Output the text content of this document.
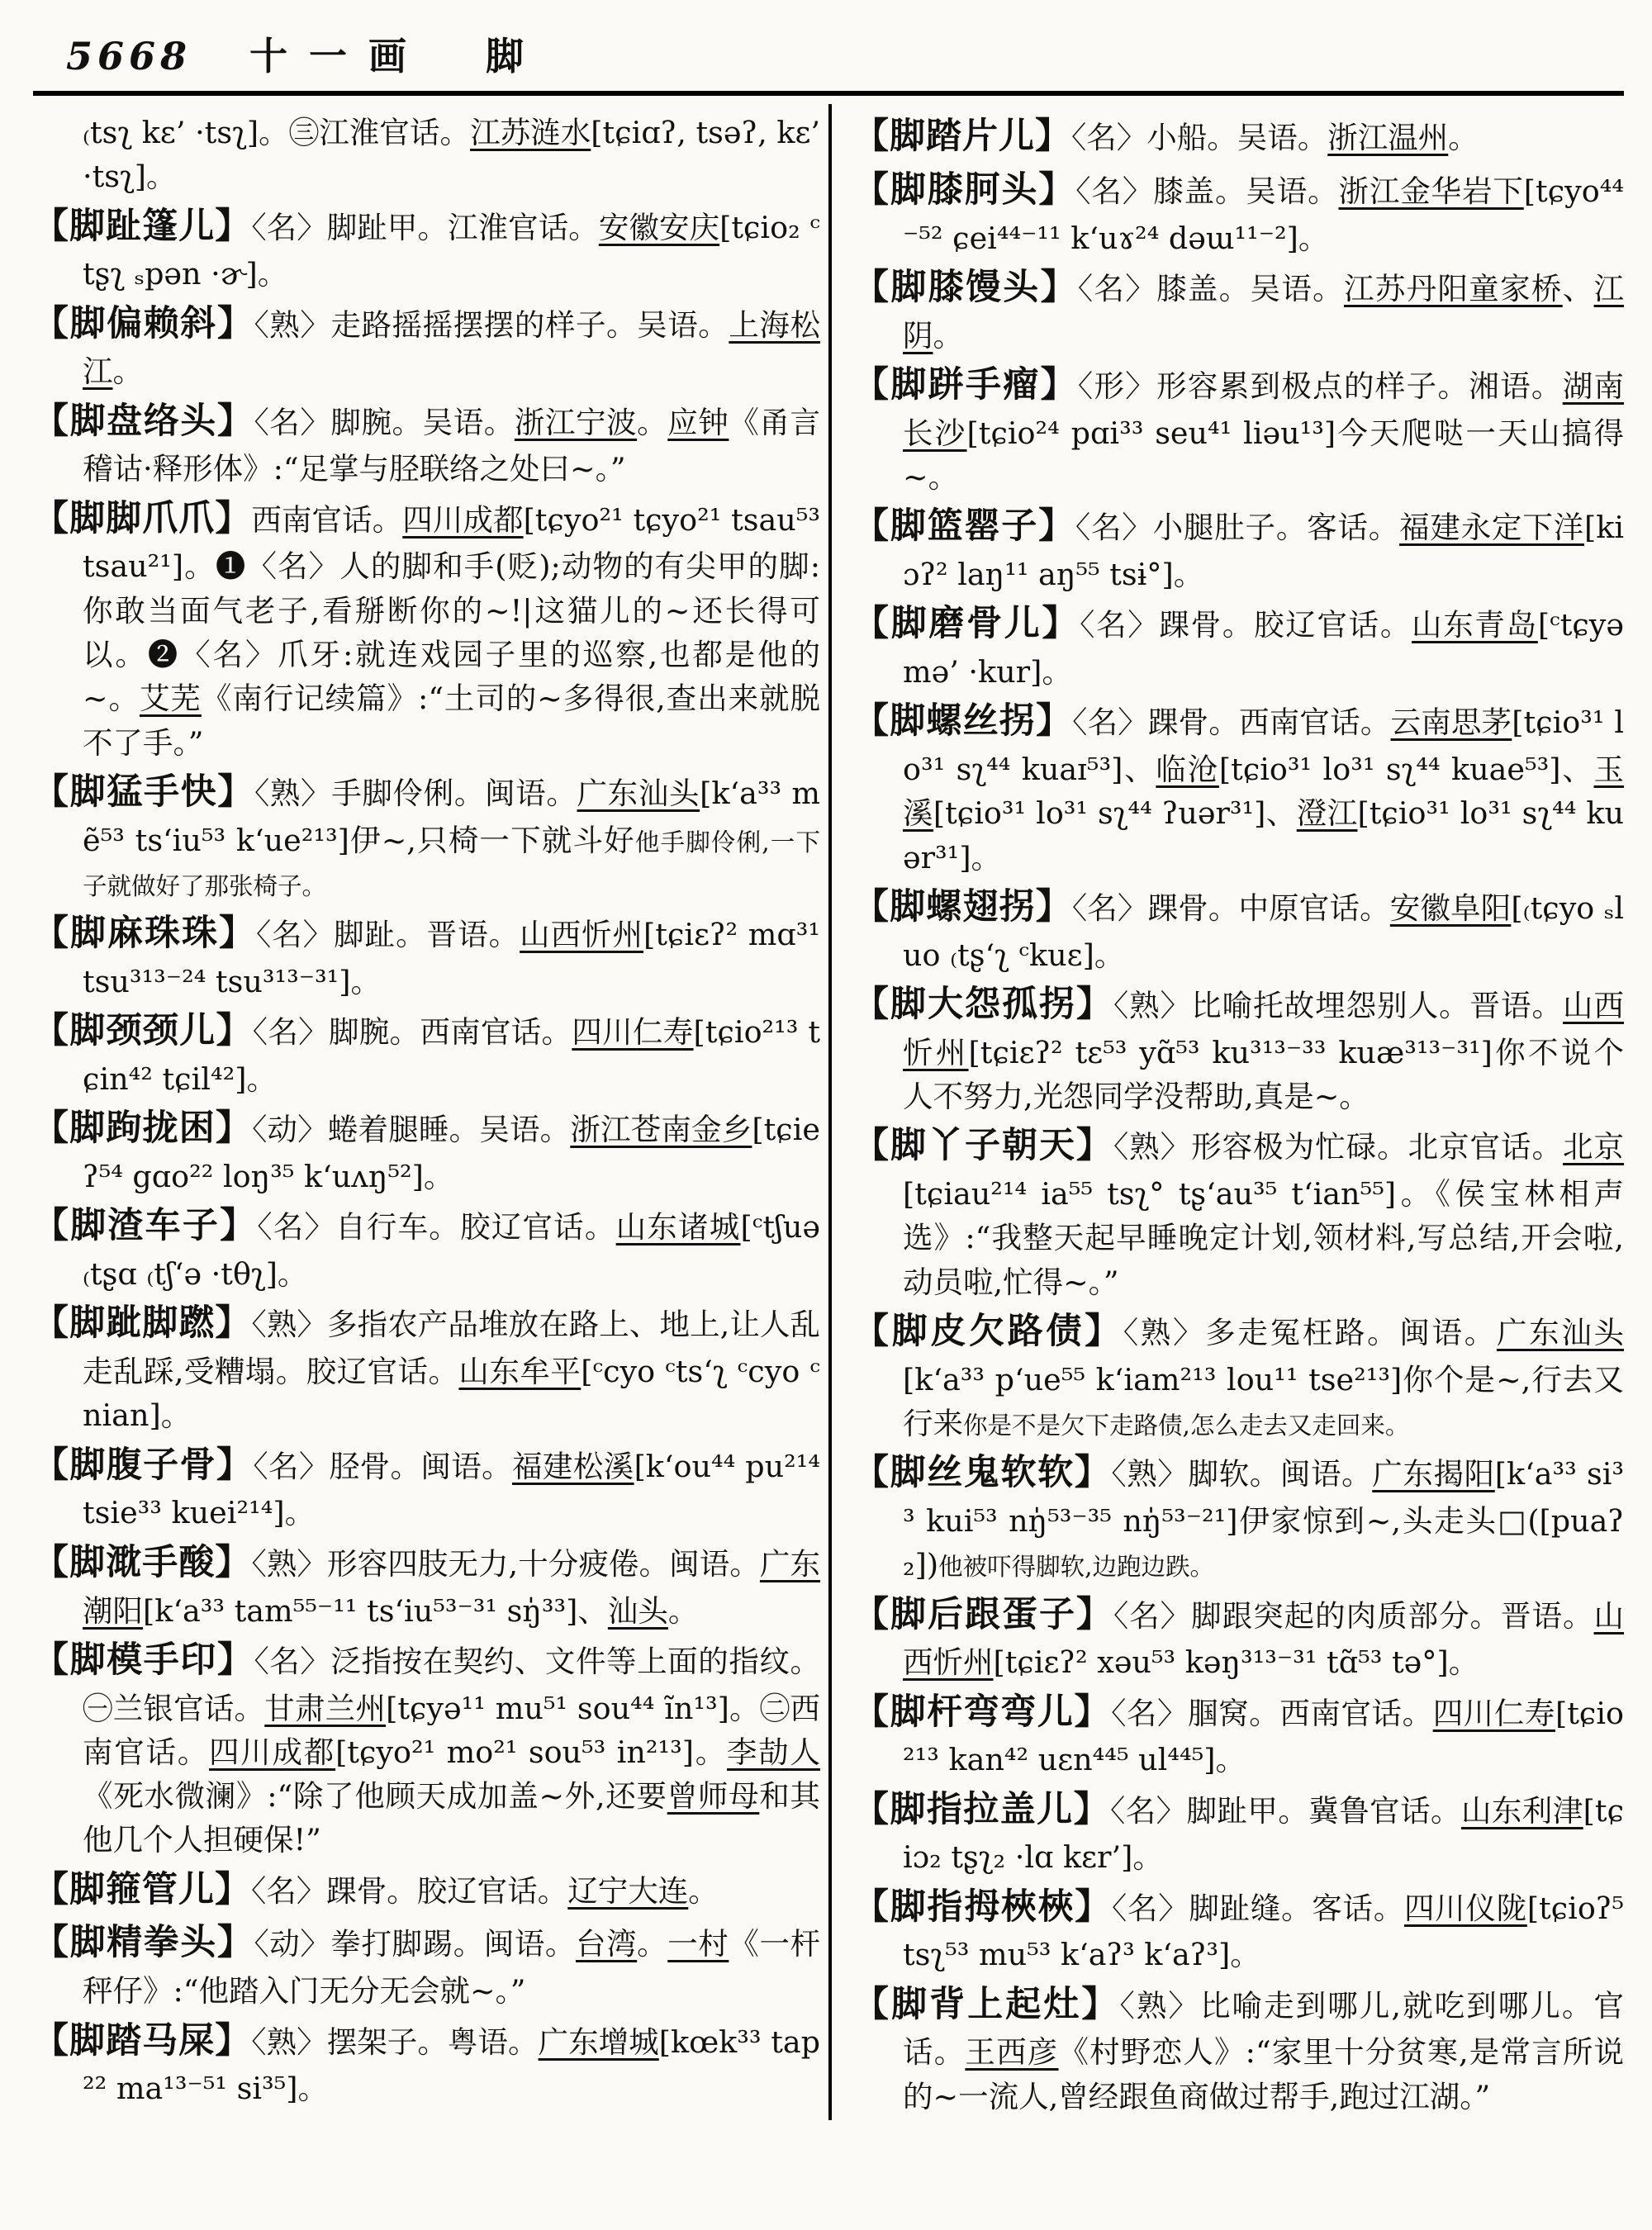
5668 十一画 脚

₍tsʅ kɛ’ ·tsʅ]。㊂江淮官话。江苏涟水[tɕiɑʔ, tsəʔ, kɛ’ ·tsʅ]。

【脚趾篷儿】〈名〉脚趾甲。江淮官话。安徽安庆[tɕio₂ ᶜtʂʅ ₛpən ·ɚ]。

【脚偏赖斜】〈熟〉走路摇摇摆摆的样子。吴语。上海松江。

【脚盘络头】〈名〉脚腕。吴语。浙江宁波。应钟《甬言稽诂·释形体》:“足掌与胫联络之处曰~。”

【脚脚爪爪】西南官话。四川成都[tɕyo²¹ tɕyo²¹ tsau⁵³ tsau²¹]。❶〈名〉人的脚和手(贬);动物的有尖甲的脚:你敢当面气老子,看掰断你的~!|这猫儿的~还长得可以。❷〈名〉爪牙:就连戏园子里的巡察,也都是他的~。艾芜《南行记续篇》:“土司的~多得很,查出来就脱不了手。”

【脚猛手快】〈熟〉手脚伶俐。闽语。广东汕头[k‘a³³ mẽ⁵³ ts‘iu⁵³ k‘ue²¹³]伊~,只椅一下就斗好他手脚伶俐,一下子就做好了那张椅子。

【脚麻珠珠】〈名〉脚趾。晋语。山西忻州[tɕiɛʔ² mɑ³¹ tsu³¹³⁻²⁴ tsu³¹³⁻³¹]。

【脚颈颈儿】〈名〉脚腕。西南官话。四川仁寿[tɕio²¹³ tɕin⁴² tɕil⁴²]。

【脚跔拢困】〈动〉蜷着腿睡。吴语。浙江苍南金乡[tɕieʔ⁵⁴ gɑo²² loŋ³⁵ k‘uʌŋ⁵²]。

【脚渣车子】〈名〉自行车。胶辽官话。山东诸城[ᶜtʃuə ₍tʂɑ ₍tʃ‘ə ·tθʅ]。

【脚跐脚蹨】〈熟〉多指农产品堆放在路上、地上,让人乱走乱踩,受糟塌。胶辽官话。山东牟平[ᶜcyo ᶜts‘ʅ ᶜcyo ᶜnian]。

【脚腹子骨】〈名〉胫骨。闽语。福建松溪[k‘ou⁴⁴ pu²¹⁴ tsie³³ kuei²¹⁴]。

【脚㴷手酸】〈熟〉形容四肢无力,十分疲倦。闽语。广东潮阳[k‘a³³ tam⁵⁵⁻¹¹ ts‘iu⁵³⁻³¹ sŋ̍³³]、汕头。

【脚模手印】〈名〉泛指按在契约、文件等上面的指纹。㊀兰银官话。甘肃兰州[tɕyə¹¹ mu⁵¹ sou⁴⁴ ĩn¹³]。㊁西南官话。四川成都[tɕyo²¹ mo²¹ sou⁵³ in²¹³]。李劼人《死水微澜》:“除了他顾天成加盖~外,还要曾师母和其他几个人担硬保!”

【脚箍管儿】〈名〉踝骨。胶辽官话。辽宁大连。

【脚精拳头】〈动〉拳打脚踢。闽语。台湾。一村《一杆秤仔》:“他踏入门无分无会就~。”

【脚踏马屎】〈熟〉摆架子。粤语。广东增城[kœk³³ tap²² ma¹³⁻⁵¹ si³⁵]。

【脚踏片儿】〈名〉小船。吴语。浙江温州。

【脚膝胢头】〈名〉膝盖。吴语。浙江金华岩下[tɕyo⁴⁴⁻⁵² ɕei⁴⁴⁻¹¹ k‘uɤ²⁴ dəɯ¹¹⁻²]。

【脚膝馒头】〈名〉膝盖。吴语。江苏丹阳童家桥、江阴。

【脚跰手瘤】〈形〉形容累到极点的样子。湘语。湖南长沙[tɕio²⁴ pɑi³³ seu⁴¹ liəu¹³]今天爬哒一天山搞得~。

【脚篮罂子】〈名〉小腿肚子。客话。福建永定下洋[kiɔʔ² laŋ¹¹ aŋ⁵⁵ tsɨ°]。

【脚磨骨儿】〈名〉踝骨。胶辽官话。山东青岛[ᶜtɕyə mə’ ·kur]。

【脚螺丝拐】〈名〉踝骨。西南官话。云南思茅[tɕio³¹ lo³¹ sʅ⁴⁴ kuaɪ⁵³]、临沧[tɕio³¹ lo³¹ sʅ⁴⁴ kuae⁵³]、玉溪[tɕio³¹ lo³¹ sʅ⁴⁴ ʔuər³¹]、澄江[tɕio³¹ lo³¹ sʅ⁴⁴ kuər³¹]。

【脚螺翅拐】〈名〉踝骨。中原官话。安徽阜阳[₍tɕyo ₛluo ₍tʂ‘ʅ ᶜkuɛ]。

【脚大怨孤拐】〈熟〉比喻托故埋怨别人。晋语。山西忻州[tɕiɛʔ² tɛ⁵³ yɑ̃⁵³ ku³¹³⁻³³ kuæ³¹³⁻³¹]你不说个人不努力,光怨同学没帮助,真是~。

【脚丫子朝天】〈熟〉形容极为忙碌。北京官话。北京[tɕiau²¹⁴ ia⁵⁵ tsʅ° tʂ‘au³⁵ t‘ian⁵⁵]。《侯宝林相声选》:“我整天起早睡晚定计划,领材料,写总结,开会啦,动员啦,忙得~。”

【脚皮欠路债】〈熟〉多走冤枉路。闽语。广东汕头[k‘a³³ p‘ue⁵⁵ k‘iam²¹³ lou¹¹ tse²¹³]你个是~,行去又行来你是不是欠下走路债,怎么走去又走回来。

【脚丝鬼软软】〈熟〉脚软。闽语。广东揭阳[k‘a³³ si³³ kui⁵³ nŋ̍⁵³⁻³⁵ nŋ̍⁵³⁻²¹]伊家惊到~,头走头□([puaʔ₂])他被吓得脚软,边跑边跌。

【脚后跟蛋子】〈名〉脚跟突起的肉质部分。晋语。山西忻州[tɕiɛʔ² xəu⁵³ kəŋ³¹³⁻³¹ tɑ̃⁵³ tə°]。

【脚杆弯弯儿】〈名〉腘窝。西南官话。四川仁寿[tɕio²¹³ kan⁴² uɛn⁴⁴⁵ ul⁴⁴⁵]。

【脚指拉盖儿】〈名〉脚趾甲。冀鲁官话。山东利津[tɕiɔ₂ tʂʅ₂ ·lɑ kɛr’]。

【脚指拇梜梜】〈名〉脚趾缝。客话。四川仪陇[tɕioʔ⁵ tsʅ⁵³ mu⁵³ k‘aʔ³ k‘aʔ³]。

【脚背上起灶】〈熟〉比喻走到哪儿,就吃到哪儿。官话。王西彦《村野恋人》:“家里十分贫寒,是常言所说的~一流人,曾经跟鱼商做过帮手,跑过江湖。”
